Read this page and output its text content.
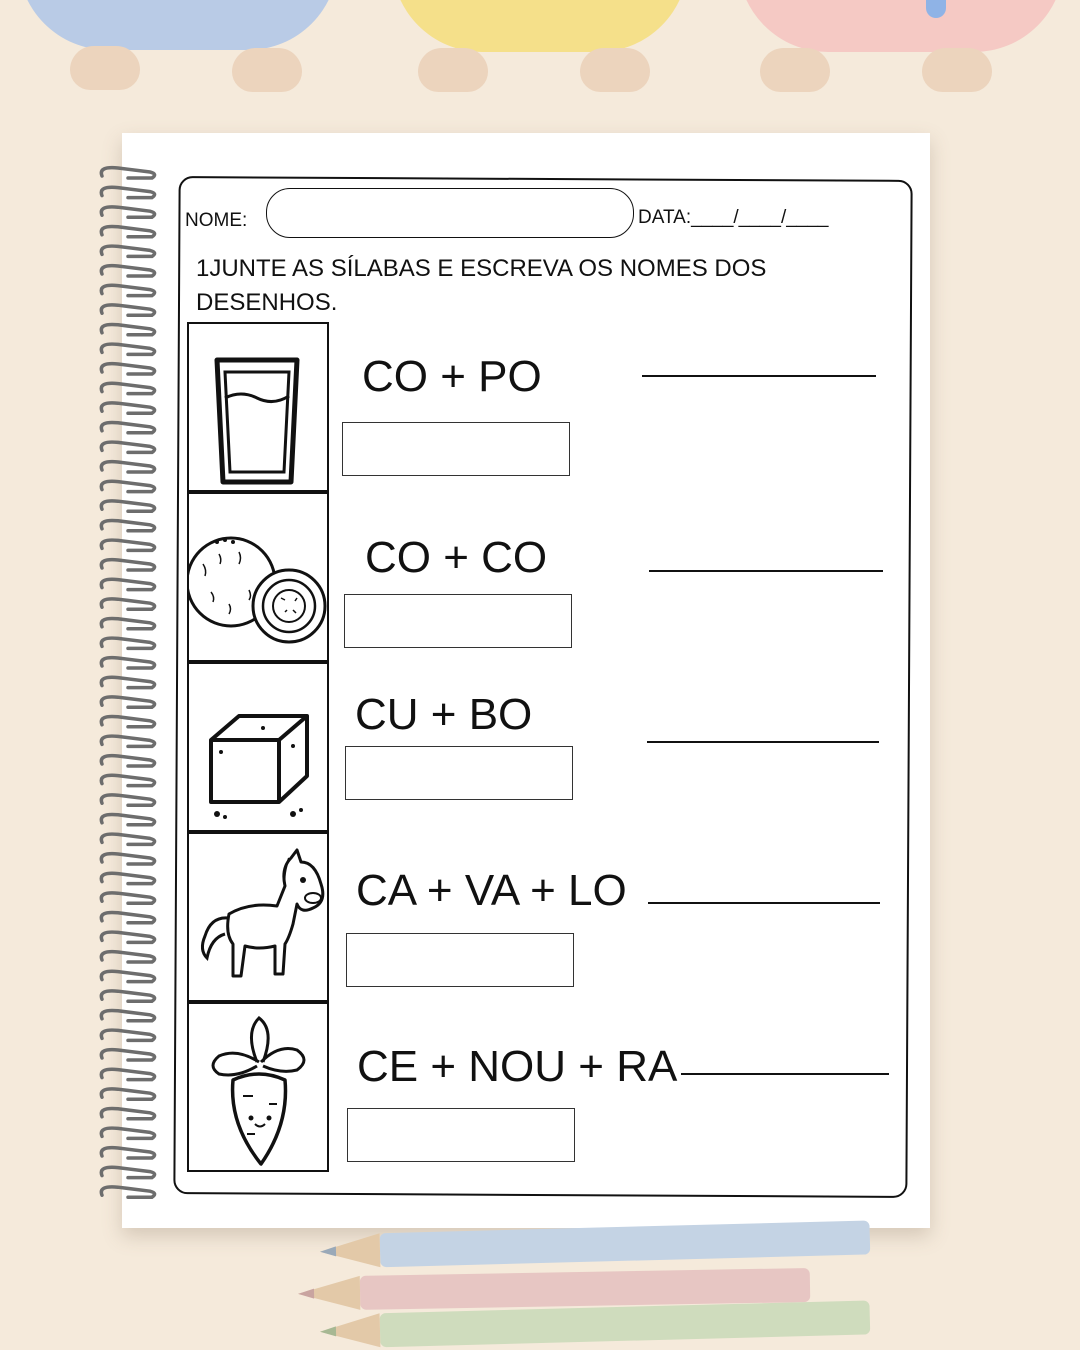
NOME:	DATA:____/____/____
1JUNTE AS SÍLABAS E ESCREVA OS NOMES DOS DESENHOS.
CO + PO
CO + CO
CU + BO
CA + VA + LO
CE + NOU + RA
